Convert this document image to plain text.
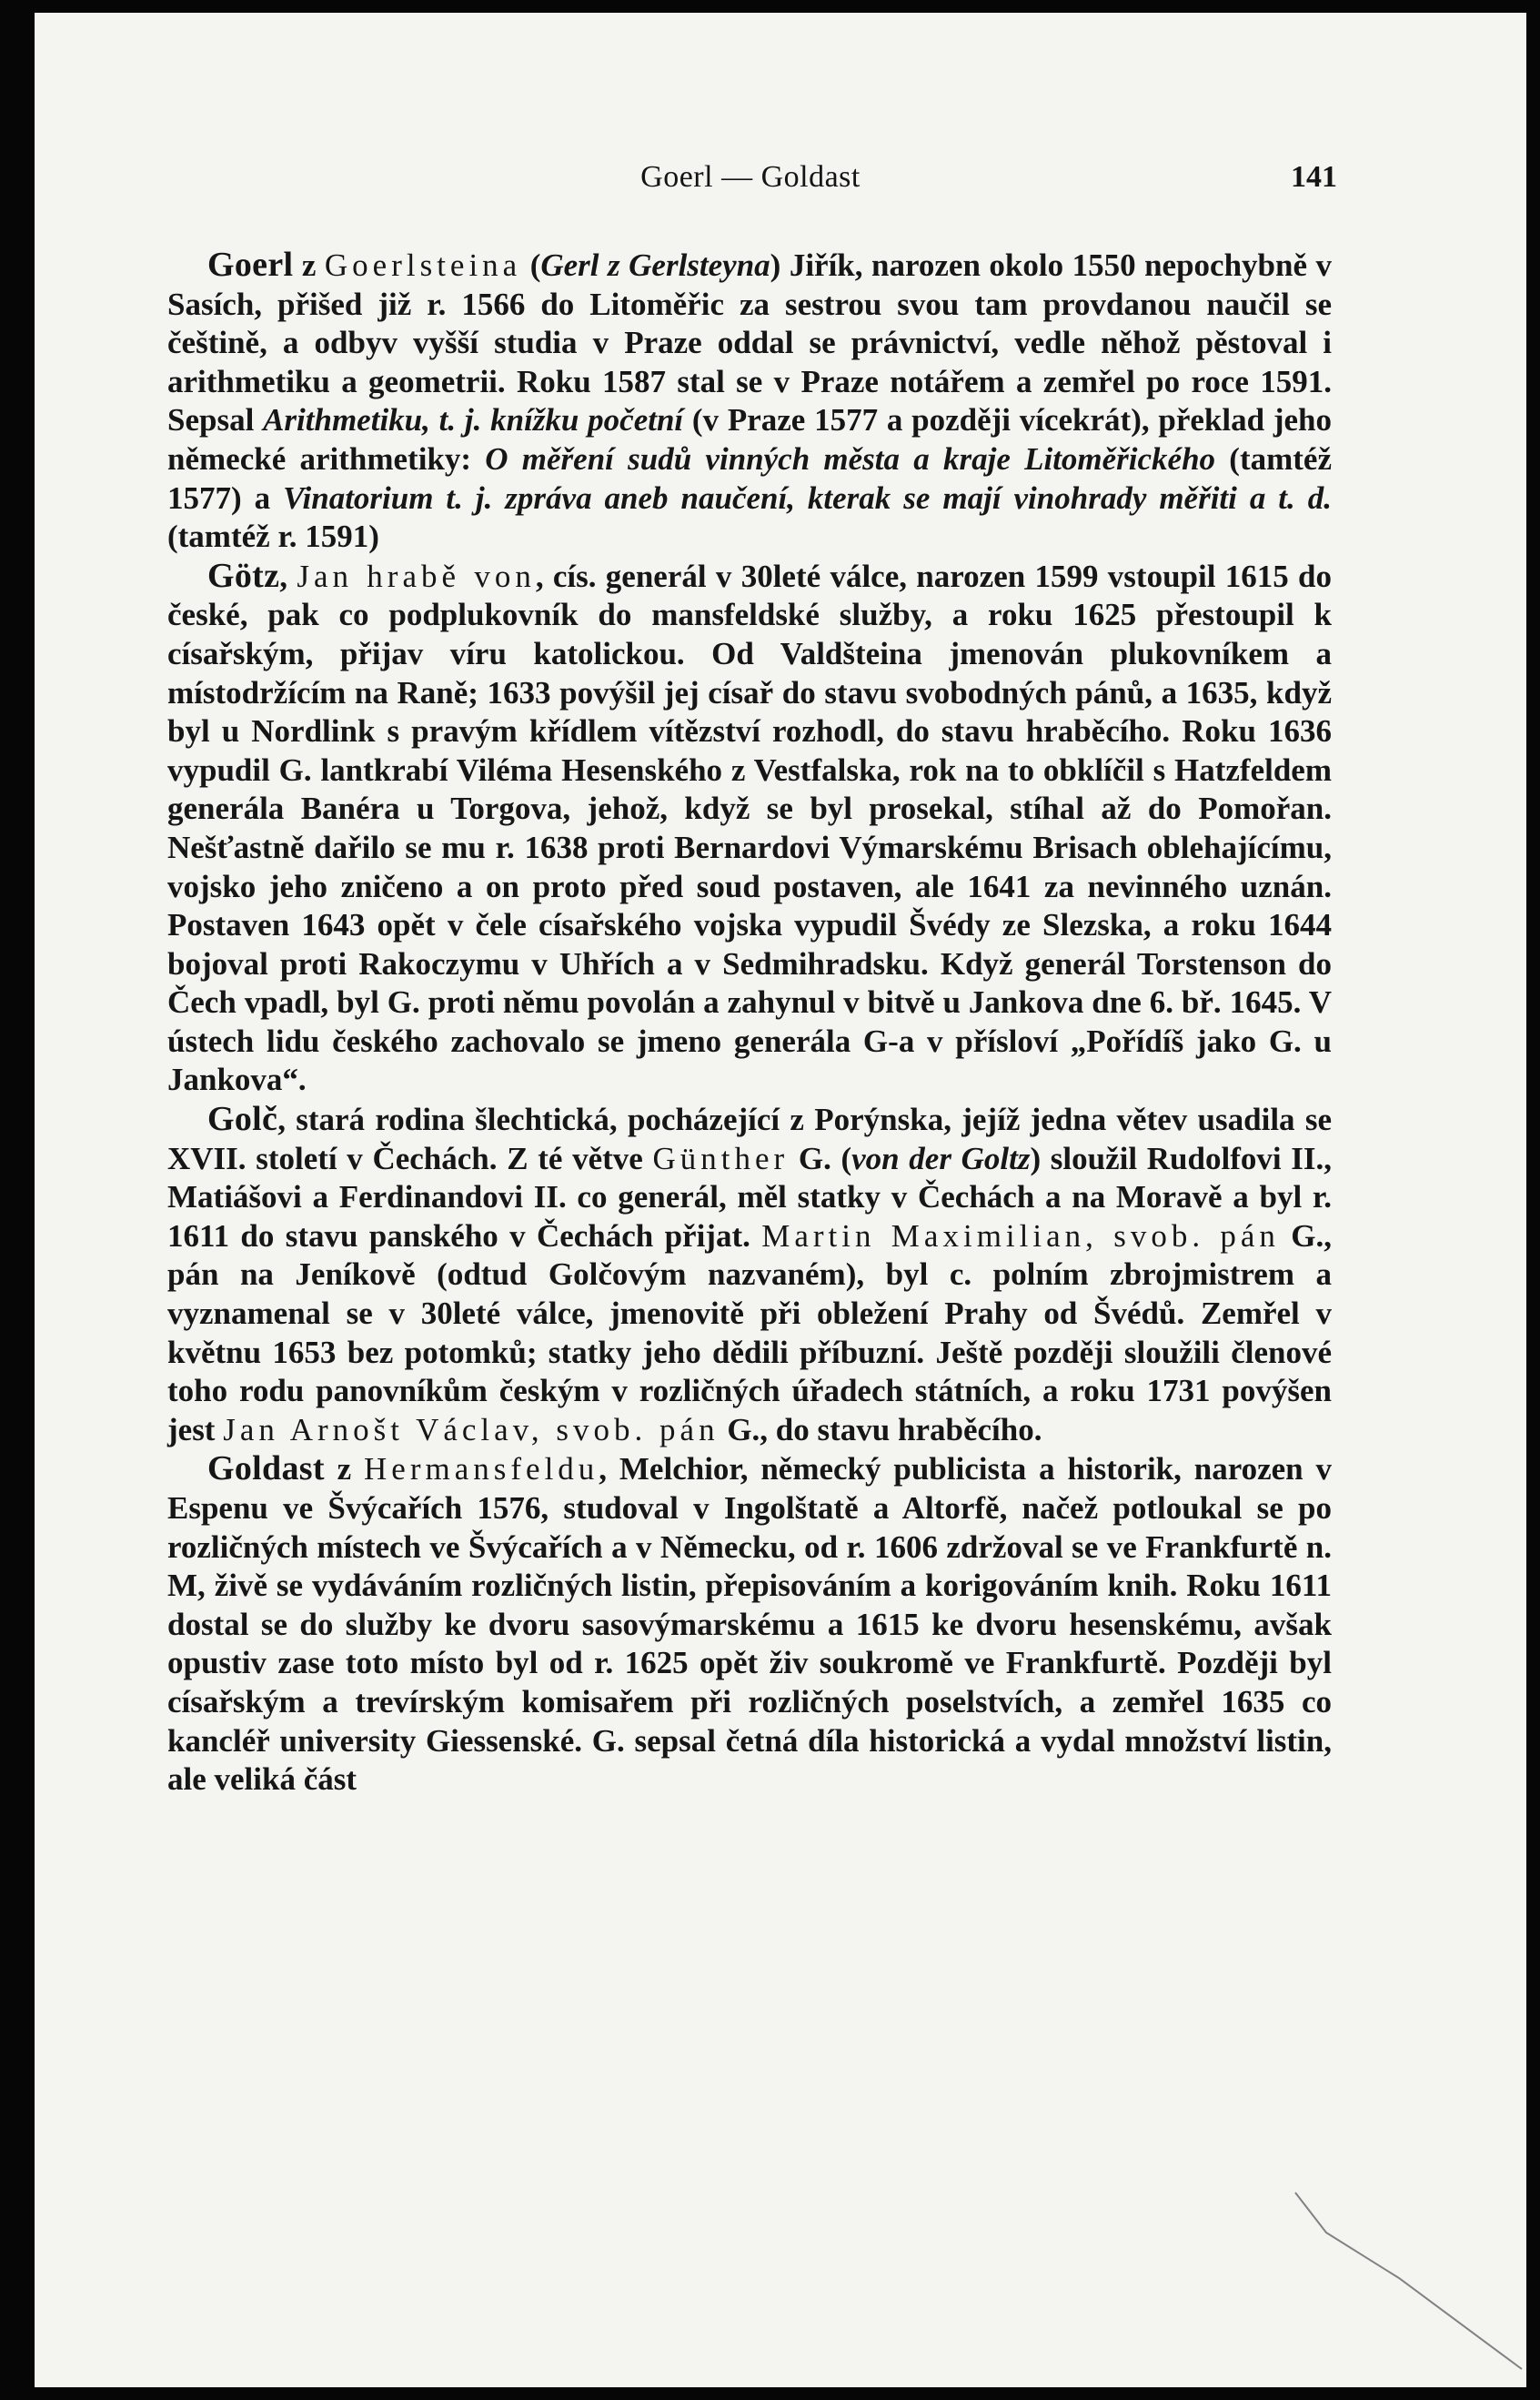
Goerl — Goldast	141

Goerl z Goerlsteina (Gerl z Gerlsteyna) Jiřík, narozen okolo 1550 nepochybně v Sasích, přišed již r. 1566 do Litoměřic za sestrou svou tam provdanou naučil se češtině, a odbyv vyšší studia v Praze oddal se právnictví, vedle něhož pěstoval i arithmetiku a geometrii. Roku 1587 stal se v Praze notářem a zemřel po roce 1591. Sepsal Arithmetiku, t. j. knížku početní (v Praze 1577 a později vícekrát), překlad jeho německé arithmetiky: O měření sudů vinných města a kraje Litoměřického (tamtéž 1577) a Vinatorium t. j. zpráva aneb naučení, kterak se mají vinohrady měřiti a t. d. (tamtéž r. 1591)

Götz, Jan hrabě von, cís. generál v 30leté válce, narozen 1599 vstoupil 1615 do české, pak co podplukovník do mansfeldské služby, a roku 1625 přestoupil k císařským, přijav víru katolickou. Od Valdšteina jmenován plukovníkem a místodržícím na Raně; 1633 povýšil jej císař do stavu svobodných pánů, a 1635, když byl u Nordlink s pravým křídlem vítězství rozhodl, do stavu hraběcího. Roku 1636 vypudil G. lantkrabí Viléma Hesenského z Vestfalska, rok na to obklíčil s Hatzfeldem generála Banéra u Torgova, jehož, když se byl prosekal, stíhal až do Pomořan. Nešťastně dařilo se mu r. 1638 proti Bernardovi Výmarskému Brisach oblehajícímu, vojsko jeho zničeno a on proto před soud postaven, ale 1641 za nevinného uznán. Postaven 1643 opět v čele císařského vojska vypudil Švédy ze Slezska, a roku 1644 bojoval proti Rakoczymu v Uhřích a v Sedmihradsku. Když generál Torstenson do Čech vpadl, byl G. proti němu povolán a zahynul v bitvě u Jankova dne 6. bř. 1645. V ústech lidu českého zachovalo se jmeno generála G-a v přísloví „Pořídíš jako G. u Jankova“.

Golč, stará rodina šlechtická, pocházející z Porýnska, jejíž jedna větev usadila se XVII. století v Čechách. Z té větve Günther G. (von der Goltz) sloužil Rudolfovi II., Matiášovi a Ferdinandovi II. co generál, měl statky v Čechách a na Moravě a byl r. 1611 do stavu panského v Čechách přijat. Martin Maximilian, svob. pán G., pán na Jeníkově (odtud Golčovým nazvaném), byl c. polním zbrojmistrem a vyznamenal se v 30leté válce, jmenovitě při obležení Prahy od Švédů. Zemřel v květnu 1653 bez potomků; statky jeho dědili příbuzní. Ještě později sloužili členové toho rodu panovníkům českým v rozličných úřadech státních, a roku 1731 povýšen jest Jan Arnošt Václav, svob. pán G., do stavu hraběcího.

Goldast z Hermansfeldu, Melchior, německý publicista a historik, narozen v Espenu ve Švýcařích 1576, studoval v Ingolštatě a Altorfě, načež potloukal se po rozličných místech ve Švýcařích a v Německu, od r. 1606 zdržoval se ve Frankfurtě n. M, živě se vydáváním rozličných listin, přepisováním a korigováním knih. Roku 1611 dostal se do služby ke dvoru sasovýmarskému a 1615 ke dvoru hesenskému, avšak opustiv zase toto místo byl od r. 1625 opět živ soukromě ve Frankfurtě. Později byl císařským a trevírským komisařem při rozličných poselstvích, a zemřel 1635 co kancléř university Giessenské. G. sepsal četná díla historická a vydal množství listin, ale veliká část
